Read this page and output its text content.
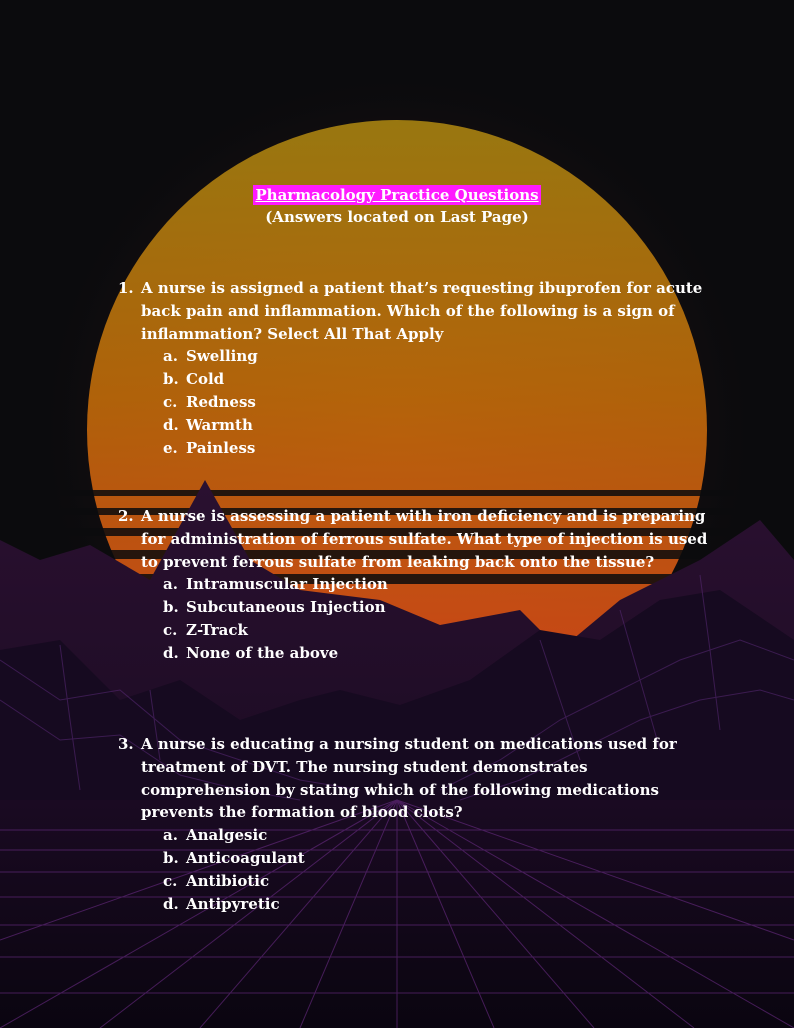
Pharmacology Practice Questions
(Answers located on Last Page)
1. A nurse is assigned a patient that’s requesting ibuprofen for acute back pain and inflammation. Which of the following is a sign of inflammation? Select All That Apply
a. Swelling
b. Cold
c. Redness
d. Warmth
e. Painless
2. A nurse is assessing a patient with iron deficiency and is preparing for administration of ferrous sulfate. What type of injection is used to prevent ferrous sulfate from leaking back onto the tissue?
a. Intramuscular Injection
b. Subcutaneous Injection
c. Z-Track
d. None of the above
3. A nurse is educating a nursing student on medications used for treatment of DVT. The nursing student demonstrates comprehension by stating which of the following medications prevents the formation of blood clots?
a. Analgesic
b. Anticoagulant
c. Antibiotic
d. Antipyretic
